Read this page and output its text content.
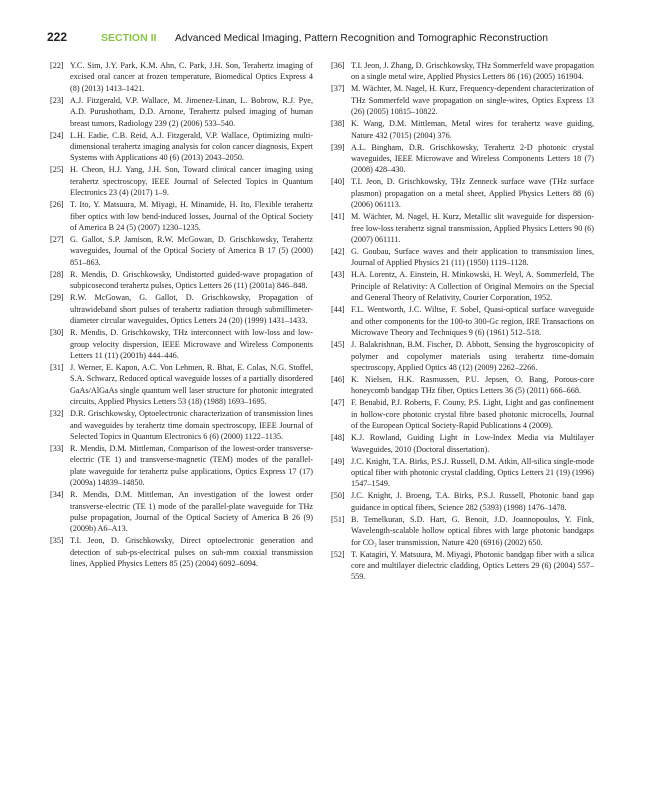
222	SECTION II	Advanced Medical Imaging, Pattern Recognition and Tomographic Reconstruction
[22] Y.C. Sim, J.Y. Park, K.M. Ahn, C. Park, J.H. Son, Terahertz imaging of excised oral cancer at frozen temperature, Biomedical Optics Express 4 (8) (2013) 1413–1421.
[23] A.J. Fitzgerald, V.P. Wallace, M. Jimenez-Linan, L. Bobrow, R.J. Pye, A.D. Purushotham, D.D. Arnone, Terahertz pulsed imaging of human breast tumors, Radiology 239 (2) (2006) 533–540.
[24] L.H. Eadie, C.B. Reid, A.J. Fitzgerald, V.P. Wallace, Optimizing multi-dimensional terahertz imaging analysis for colon cancer diagnosis, Expert Systems with Applications 40 (6) (2013) 2043–2050.
[25] H. Cheon, H.J. Yang, J.H. Son, Toward clinical cancer imaging using terahertz spectroscopy, IEEE Journal of Selected Topics in Quantum Electronics 23 (4) (2017) 1–9.
[26] T. Ito, Y. Matsuura, M. Miyagi, H. Minamide, H. Ito, Flexible terahertz fiber optics with low bend-induced losses, Journal of the Optical Society of America B 24 (5) (2007) 1230–1235.
[27] G. Gallot, S.P. Jamison, R.W. McGowan, D. Grischkowsky, Terahertz waveguides, Journal of the Optical Society of America B 17 (5) (2000) 851–863.
[28] R. Mendis, D. Grischkowsky, Undistorted guided-wave propagation of subpicosecond terahertz pulses, Optics Letters 26 (11) (2001a) 846–848.
[29] R.W. McGowan, G. Gallot, D. Grischkowsky, Propagation of ultrawideband short pulses of terahertz radiation through submillimeter-diameter circular waveguides, Optics Letters 24 (20) (1999) 1431–1433.
[30] R. Mendis, D. Grischkowsky, THz interconnect with low-loss and low-group velocity dispersion, IEEE Microwave and Wireless Components Letters 11 (11) (2001b) 444–446.
[31] J. Werner, E. Kapon, A.C. Von Lehmen, R. Bhat, E. Colas, N.G. Stoffel, S.A. Schwarz, Reduced optical waveguide losses of a partially disordered GaAs/AlGaAs single quantum well laser structure for photonic integrated circuits, Applied Physics Letters 53 (18) (1988) 1693–1695.
[32] D.R. Grischkowsky, Optoelectronic characterization of transmission lines and waveguides by terahertz time domain spectroscopy, IEEE Journal of Selected Topics in Quantum Electronics 6 (6) (2000) 1122–1135.
[33] R. Mendis, D.M. Mittleman, Comparison of the lowest-order transverse-electric (TE 1) and transverse-magnetic (TEM) modes of the parallel-plate waveguide for terahertz pulse applications, Optics Express 17 (17) (2009a) 14839–14850.
[34] R. Mendis, D.M. Mittleman, An investigation of the lowest order transverse-electric (TE 1) mode of the parallel-plate waveguide for THz pulse propagation, Journal of the Optical Society of America B 26 (9) (2009b) A6–A13.
[35] T.I. Jeon, D. Grischkowsky, Direct optoelectronic generation and detection of sub-ps-electrical pulses on sub-mm coaxial transmission lines, Applied Physics Letters 85 (25) (2004) 6092–6094.
[36] T.I. Jeon, J. Zhang, D. Grischkowsky, THz Sommerfeld wave propagation on a single metal wire, Applied Physics Letters 86 (16) (2005) 161904.
[37] M. Wächter, M. Nagel, H. Kurz, Frequency-dependent characterization of THz Sommerfeld wave propagation on single-wires, Optics Express 13 (26) (2005) 10815–10822.
[38] K. Wang, D.M. Mittleman, Metal wires for terahertz wave guiding, Nature 432 (7015) (2004) 376.
[39] A.L. Bingham, D.R. Grischkowsky, Terahertz 2-D photonic crystal waveguides, IEEE Microwave and Wireless Components Letters 18 (7) (2008) 428–430.
[40] T.I. Jeon, D. Grischkowsky, THz Zenneck surface wave (THz surface plasmon) propagation on a metal sheet, Applied Physics Letters 88 (6) (2006) 061113.
[41] M. Wächter, M. Nagel, H. Kurz, Metallic slit waveguide for dispersion-free low-loss terahertz signal transmission, Applied Physics Letters 90 (6) (2007) 061111.
[42] G. Goubau, Surface waves and their application to transmission lines, Journal of Applied Physics 21 (11) (1950) 1119–1128.
[43] H.A. Lorentz, A. Einstein, H. Minkowski, H. Weyl, A. Sommerfeld, The Principle of Relativity: A Collection of Original Memoirs on the Special and General Theory of Relativity, Courier Corporation, 1952.
[44] F.L. Wentworth, J.C. Wiltse, F. Sobel, Quasi-optical surface waveguide and other components for the 100-to 300-Gc region, IRE Transactions on Microwave Theory and Techniques 9 (6) (1961) 512–518.
[45] J. Balakrishnan, B.M. Fischer, D. Abbott, Sensing the hygroscopicity of polymer and copolymer materials using terahertz time-domain spectroscopy, Applied Optics 48 (12) (2009) 2262–2266.
[46] K. Nielsen, H.K. Rasmussen, P.U. Jepsen, O. Bang, Porous-core honeycomb bandgap THz fiber, Optics Letters 36 (5) (2011) 666–668.
[47] F. Benabid, P.J. Roberts, F. Couny, P.S. Light, Light and gas confinement in hollow-core photonic crystal fibre based photonic microcells, Journal of the European Optical Society-Rapid Publications 4 (2009).
[48] K.J. Rowland, Guiding Light in Low-Index Media via Multilayer Waveguides, 2010 (Doctoral dissertation).
[49] J.C. Knight, T.A. Birks, P.S.J. Russell, D.M. Atkin, All-silica single-mode optical fiber with photonic crystal cladding, Optics Letters 21 (19) (1996) 1547–1549.
[50] J.C. Knight, J. Broeng, T.A. Birks, P.S.J. Russell, Photonic band gap guidance in optical fibers, Science 282 (5393) (1998) 1476–1478.
[51] B. Temelkuran, S.D. Hart, G. Benoit, J.D. Joannopoulos, Y. Fink, Wavelength-scalable hollow optical fibres with large photonic bandgaps for CO₂ laser transmission, Nature 420 (6916) (2002) 650.
[52] T. Katagiri, Y. Matsuura, M. Miyagi, Photonic bandgap fiber with a silica core and multilayer dielectric cladding, Optics Letters 29 (6) (2004) 557–559.
